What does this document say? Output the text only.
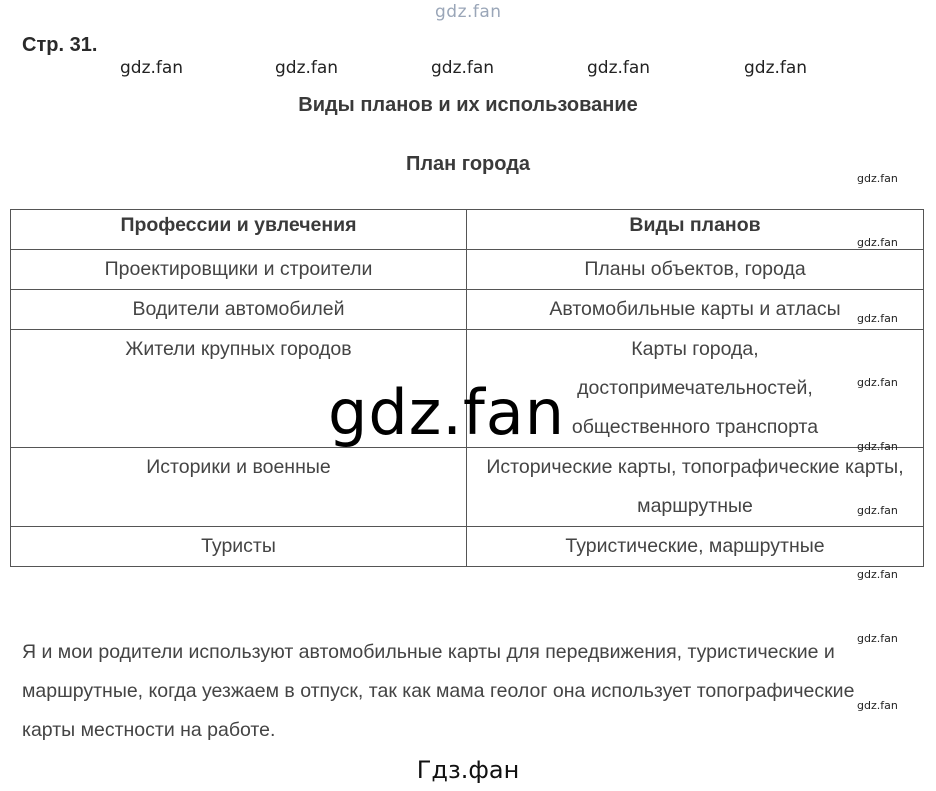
gdz.fan
Стр. 31.
gdz.fan	gdz.fan	gdz.fan	gdz.fan	gdz.fan
Виды планов и их использование
План города
Профессии и увлечения	Виды планов
Проектировщики и строители	Планы объектов, города
Водители автомобилей	Автомобильные карты и атласы
Жители крупных городов	Карты города, достопримечательностей, общественного транспорта
Историки и военные	Исторические карты, топографические карты, маршрутные
Туристы	Туристические, маршрутные
gdz.fan
gdz.fan
gdz.fan
gdz.fan
gdz.fan
gdz.fan
gdz.fan
gdz.fan
gdz.fan
gdz.fan
Я и мои родители используют автомобильные карты для передвижения, туристические и маршрутные, когда уезжаем в отпуск, так как мама геолог она использует топографические карты местности на работе.
Гдз.фан
